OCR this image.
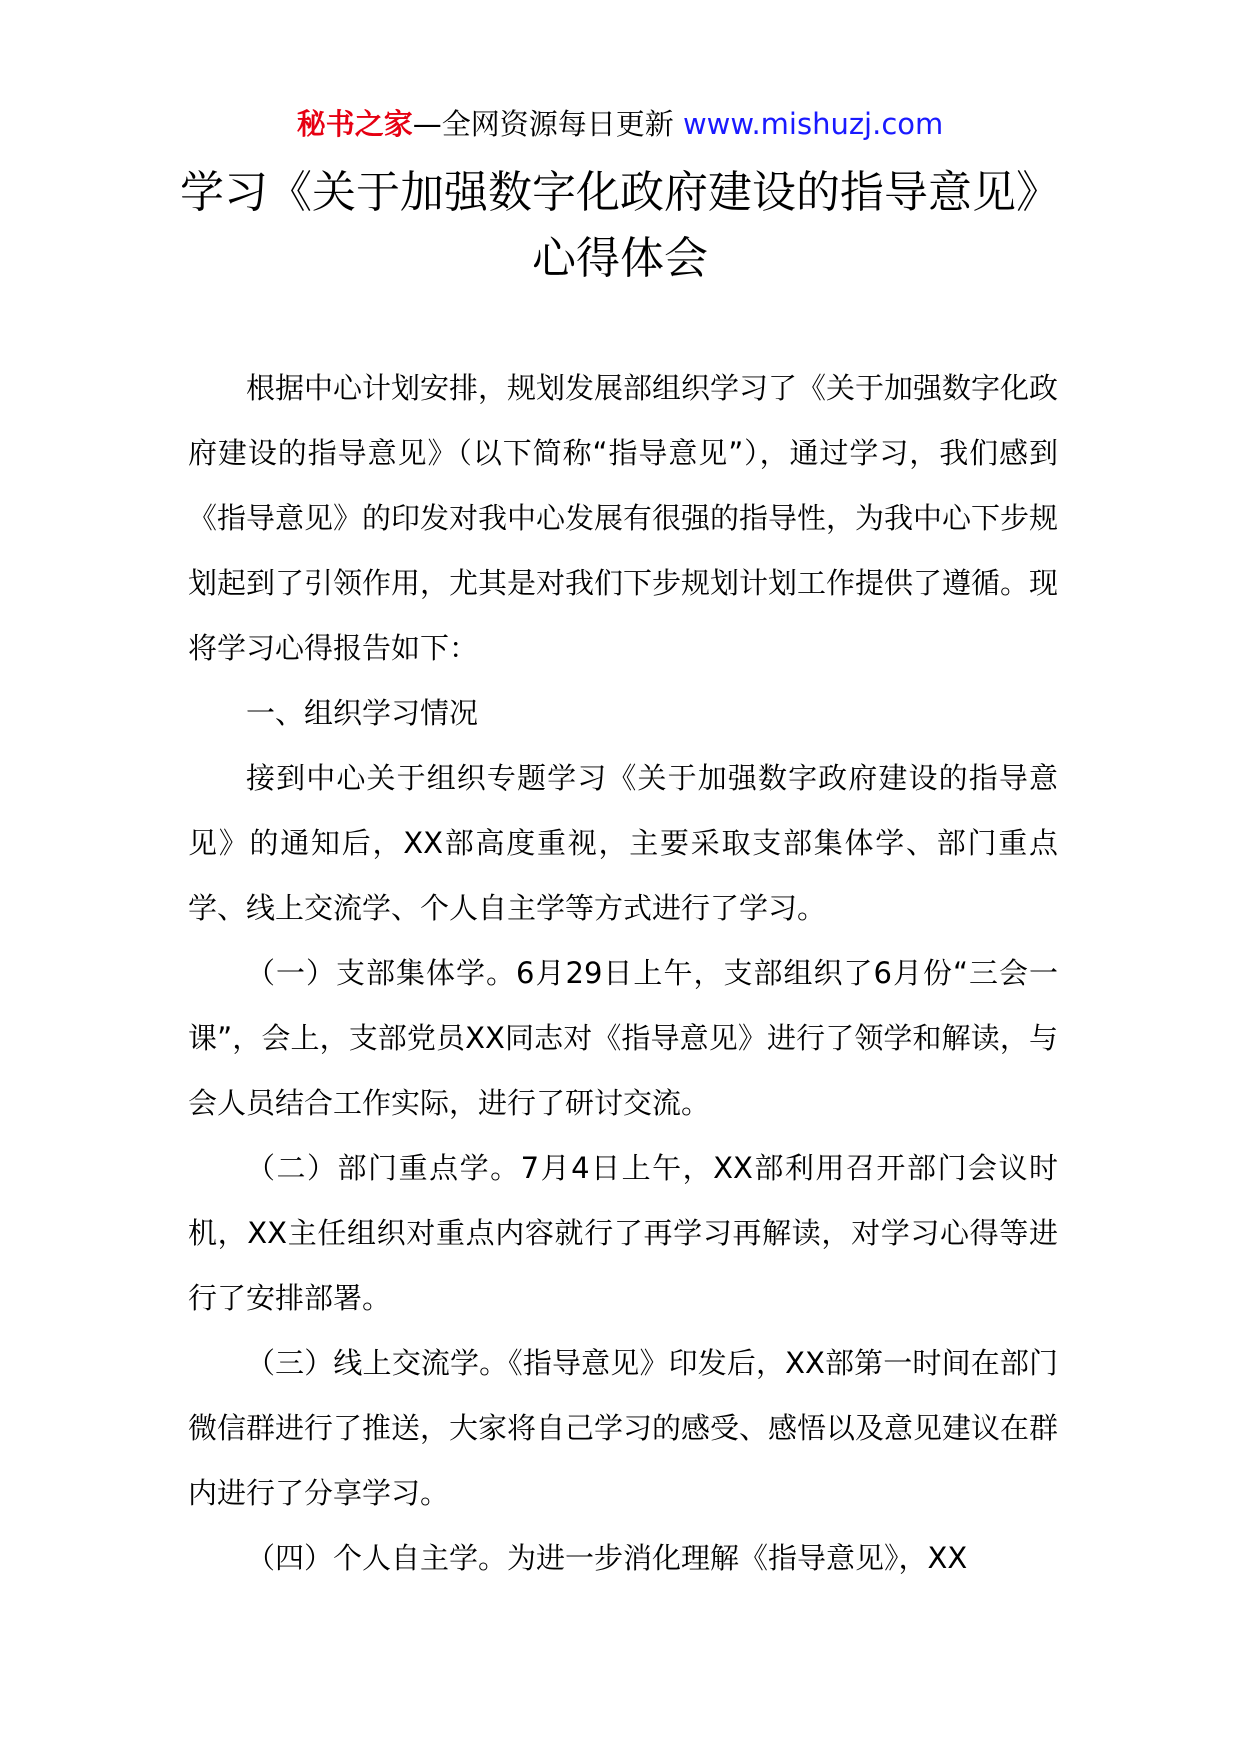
秘书之家—全网资源每日更新 www.mishuzj.com
学习《关于加强数字化政府建设的指导意见》心得体会

根据中心计划安排，规划发展部组织学习了《关于加强数字化政府建设的指导意见》（以下简称“指导意见”），通过学习，我们感到《指导意见》的印发对我中心发展有很强的指导性，为我中心下步规划起到了引领作用，尤其是对我们下步规划计划工作提供了遵循。现将学习心得报告如下：

一、组织学习情况

接到中心关于组织专题学习《关于加强数字政府建设的指导意见》的通知后，XX部高度重视，主要采取支部集体学、部门重点学、线上交流学、个人自主学等方式进行了学习。

（一）支部集体学。6月29日上午，支部组织了6月份“三会一课”，会上，支部党员XX同志对《指导意见》进行了领学和解读，与会人员结合工作实际，进行了研讨交流。

（二）部门重点学。7月4日上午，XX部利用召开部门会议时机，XX主任组织对重点内容就行了再学习再解读，对学习心得等进行了安排部署。

（三）线上交流学。《指导意见》印发后，XX部第一时间在部门微信群进行了推送，大家将自己学习的感受、感悟以及意见建议在群内进行了分享学习。

（四）个人自主学。为进一步消化理解《指导意见》，XX
